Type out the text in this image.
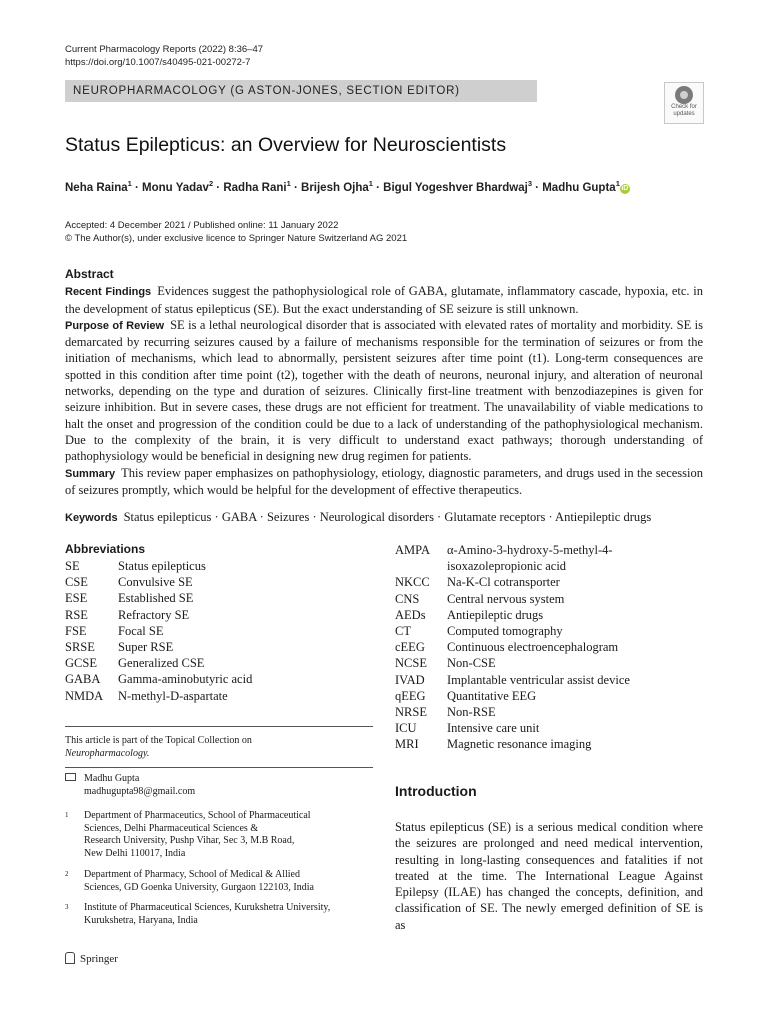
Current Pharmacology Reports (2022) 8:36–47
https://doi.org/10.1007/s40495-021-00272-7
NEUROPHARMACOLOGY (G ASTON-JONES, SECTION EDITOR)
Check for
updates
Status Epilepticus: an Overview for Neuroscientists
Neha Raina$^1$ · Monu Yadav$^2$ · Radha Rani$^1$ · Brijesh Ojha$^1$ · Bigul Yogeshver Bhardwaj$^3$ · Madhu Gupta$^1$iD
Accepted: 4 December 2021 / Published online: 11 January 2022
© The Author(s), under exclusive licence to Springer Nature Switzerland AG 2021
Abstract

Recent Findings Evidences suggest the pathophysiological role of GABA, glutamate, inflammatory cascade, hypoxia, etc. in the development of status epilepticus (SE). But the exact understanding of SE seizure is still unknown.

Purpose of Review SE is a lethal neurological disorder that is associated with elevated rates of mortality and morbidity. SE is demarcated by recurring seizures caused by a failure of mechanisms responsible for the termination of seizures or from the initiation of mechanisms, which lead to abnormally, persistent seizures after time point (t1). Long-term consequences are spotted in this condition after time point (t2), together with the death of neurons, neuronal injury, and alteration of neuronal networks, depending on the type and duration of seizures. Clinically first-line treatment with benzodiazepines is given for seizure inhibition. But in severe cases, these drugs are not efficient for treatment. The unavailability of viable medications to halt the onset and progression of the condition could be due to a lack of understanding of the pathophysiological mechanism. Due to the complexity of the brain, it is very difficult to understand exact pathways; thorough understanding of pathophysiology would be beneficial in designing new drug regimen for patients.

Summary This review paper emphasizes on pathophysiology, etiology, diagnostic parameters, and drugs used in the secession of seizures promptly, which would be helpful for the development of effective therapeutics.

Keywords Status epilepticus · GABA · Seizures · Neurological disorders · Glutamate receptors · Antiepileptic drugs
Abbreviations
SE	Status epilepticus
CSE	Convulsive SE
ESE	Established SE
RSE	Refractory SE
FSE	Focal SE
SRSE	Super RSE
GCSE	Generalized CSE
GABA	Gamma-aminobutyric acid
NMDA	N-methyl-D-aspartate
AMPA	α-Amino-3-hydroxy-5-methyl-4-
isoxazolepropionic acid
NKCC	Na-K-Cl cotransporter
CNS	Central nervous system
AEDs	Antiepileptic drugs
CT	Computed tomography
cEEG	Continuous electroencephalogram
NCSE	Non-CSE
IVAD	Implantable ventricular assist device
qEEG	Quantitative EEG
NRSE	Non-RSE
ICU	Intensive care unit
MRI	Magnetic resonance imaging
This article is part of the Topical Collection on
Neuropharmacology.
Madhu Gupta
madhugupta98@gmail.com
1	Department of Pharmaceutics, School of Pharmaceutical
Sciences, Delhi Pharmaceutical Sciences &
Research University, Pushp Vihar, Sec 3, M.B Road,
New Delhi 110017, India
2	Department of Pharmacy, School of Medical & Allied
Sciences, GD Goenka University, Gurgaon 122103, India
3	Institute of Pharmaceutical Sciences, Kurukshetra University,
Kurukshetra, Haryana, India
Introduction

Status epilepticus (SE) is a serious medical condition where the seizures are prolonged and need medical intervention, resulting in long-lasting consequences and fatalities if not treated at the time. The International League Against Epilepsy (ILAE) has changed the concepts, definition, and classification of SE. The newly emerged definition of SE is as

Springer
